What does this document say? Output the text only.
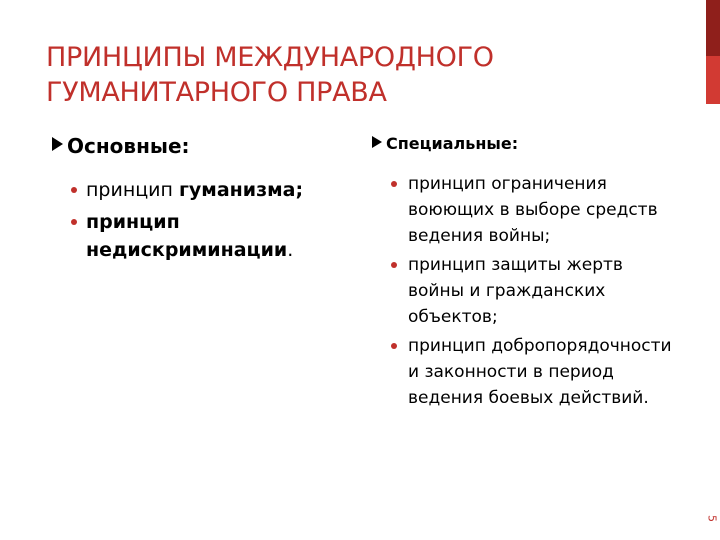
ПРИНЦИПЫ МЕЖДУНАРОДНОГО
ГУМАНИТАРНОГО ПРАВА
Основные:
принцип гуманизма;
принцип недискриминации.
Специальные:
принцип ограничения воюющих в выборе средств ведения войны;
принцип защиты жертв войны и гражданских объектов;
принцип добропорядочности и законности в период ведения боевых действий.
5
